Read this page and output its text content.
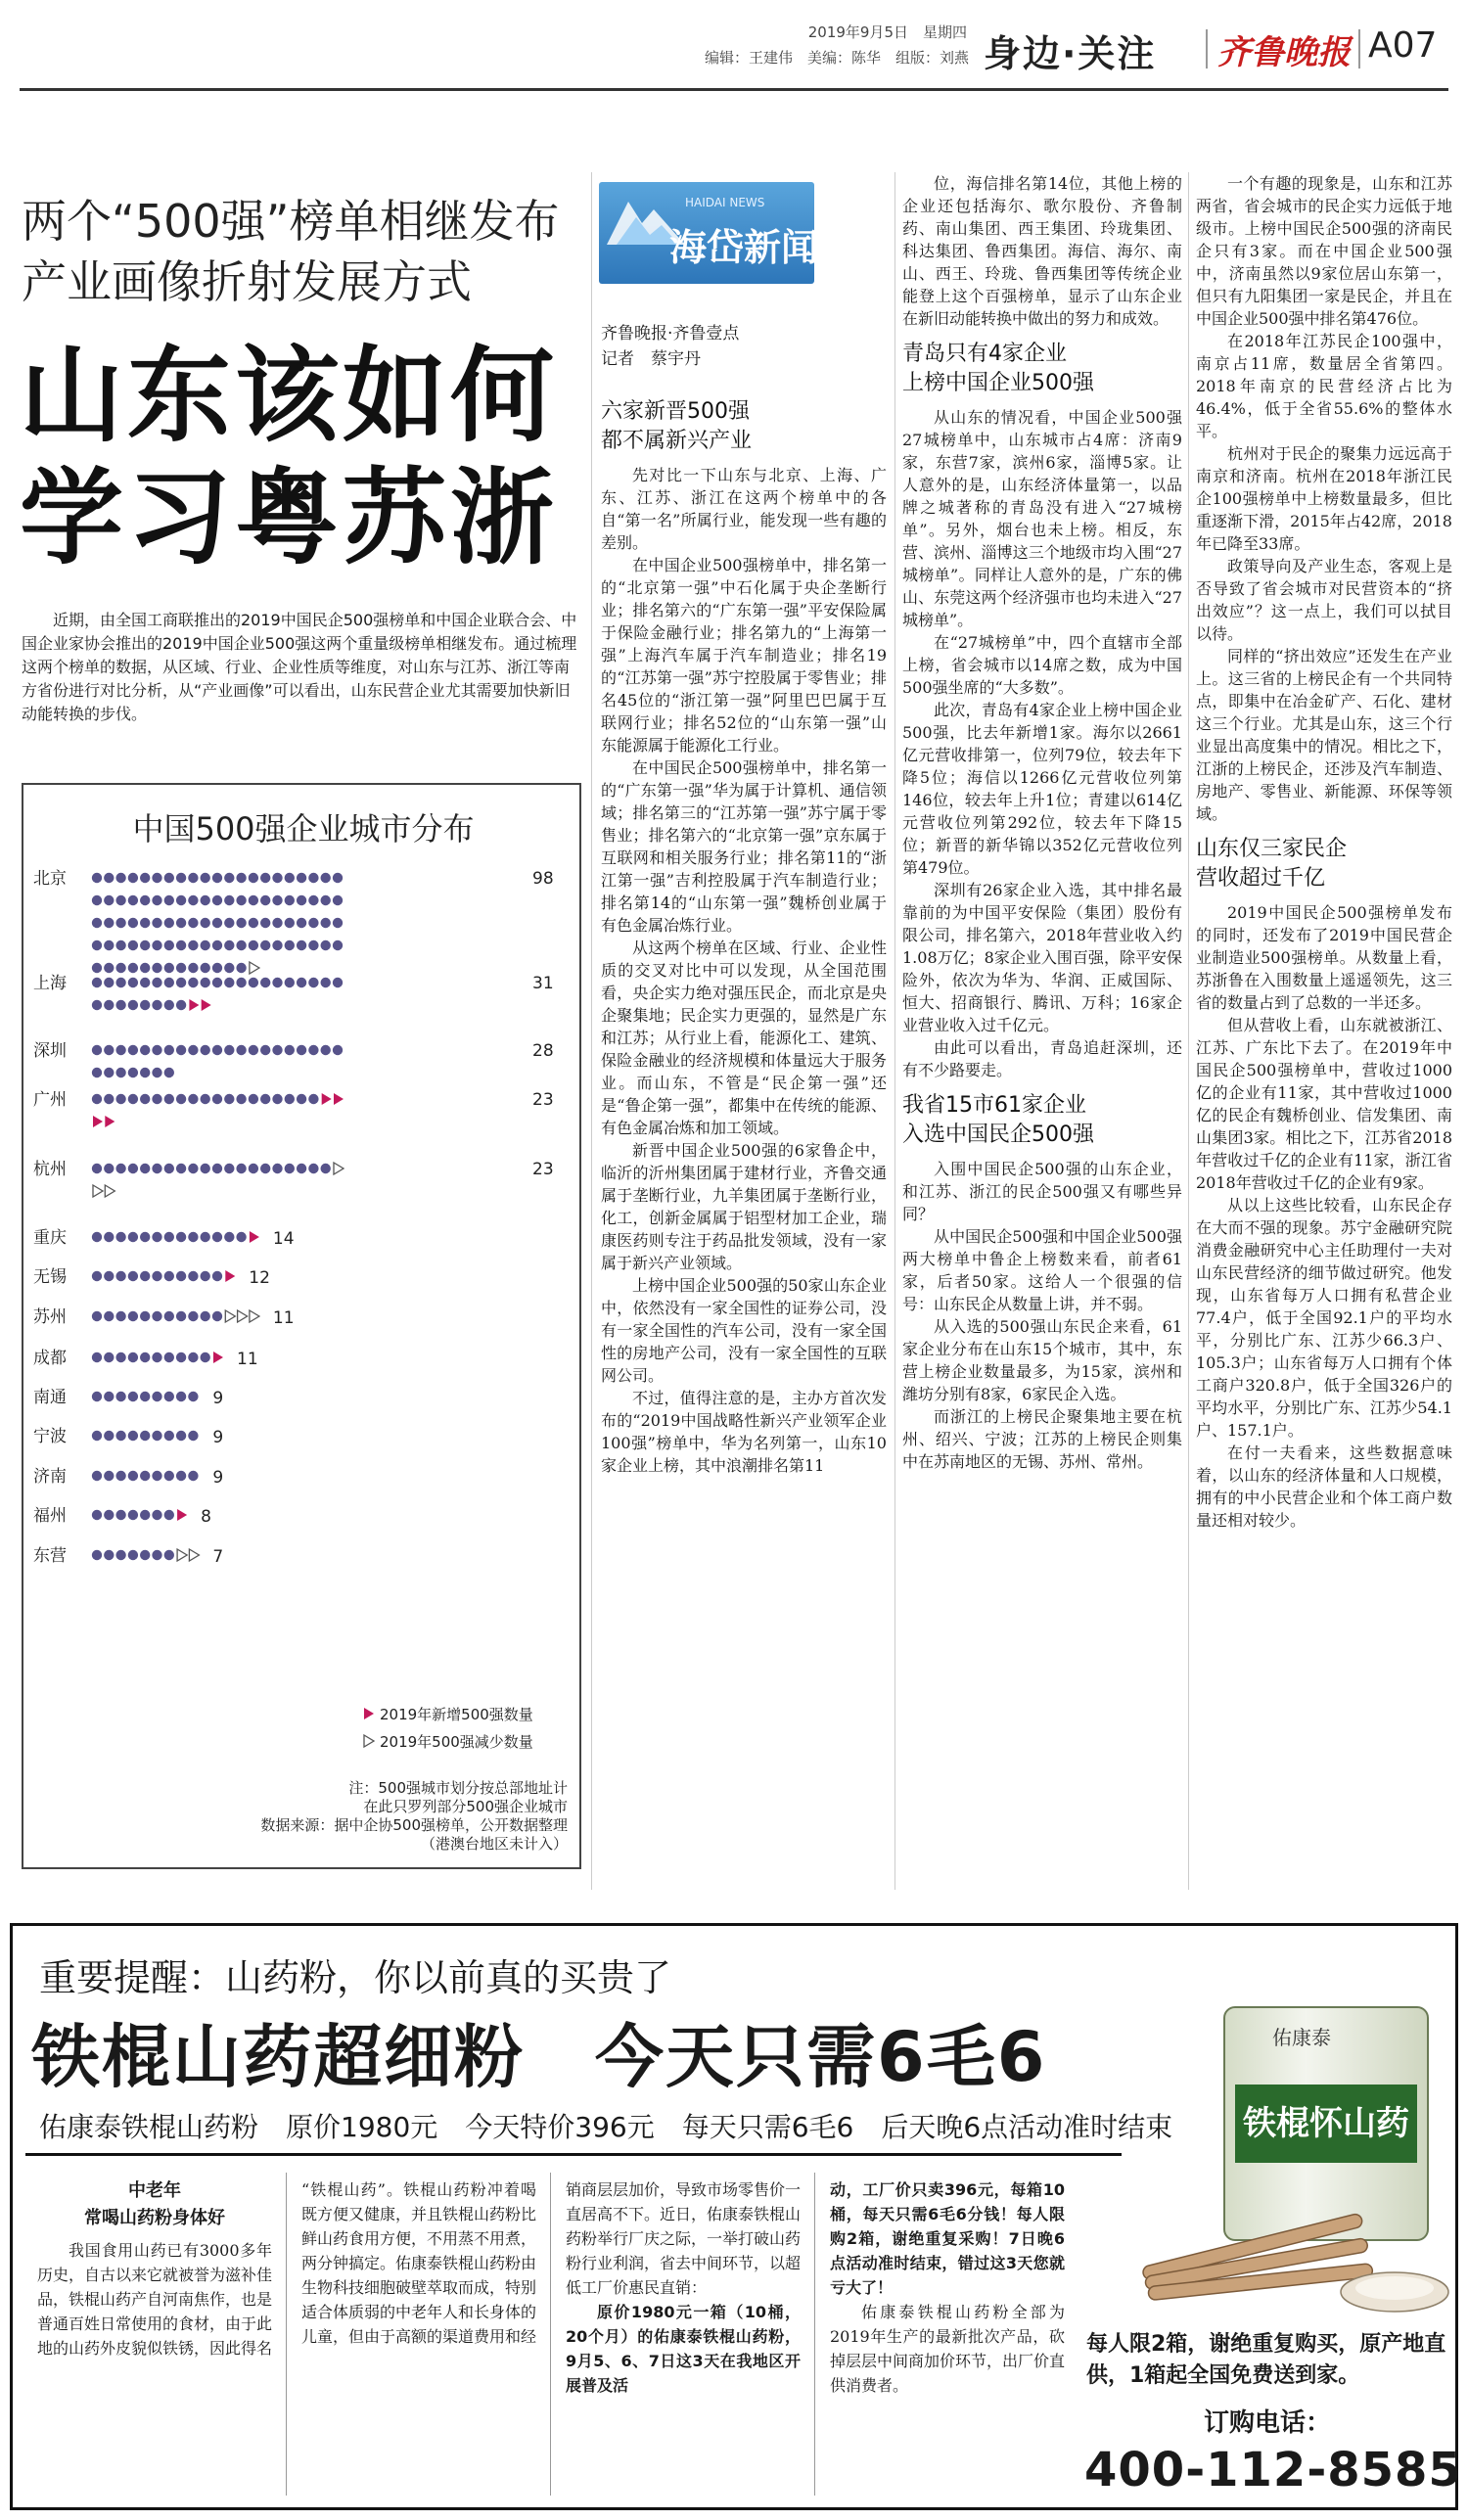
2019年9月5日　星期四
编辑：王建伟　美编：陈华　组版：刘燕 身边·关注 齐鲁晚报 A07
两个“500强”榜单相继发布
产业画像折射发展方式
山东该如何
学习粤苏浙
近期，由全国工商联推出的2019中国民企500强榜单和中国企业联合会、中国企业家协会推出的2019中国企业500强这两个重量级榜单相继发布。通过梳理这两个榜单的数据，从区域、行业、企业性质等维度，对山东与江苏、浙江等南方省份进行对比分析，从“产业画像”可以看出，山东民营企业尤其需要加快新旧动能转换的步伐。
中国500强企业城市分布
北京	98
上海	31
深圳	28
广州	23
杭州	23
重庆	14
无锡	12
苏州	11
成都	11
南通	9
宁波	9
济南	9
福州	8
东营	7
2019年新增500强数量
2019年500强减少数量
注：500强城市划分按总部地址计
在此只罗列部分500强企业城市
数据来源：据中企协500强榜单，公开数据整理
（港澳台地区未计入）
HAIDAI NEWS
海岱新闻
齐鲁晚报·齐鲁壹点
记者　蔡宇丹
六家新晋500强
都不属新兴产业

先对比一下山东与北京、上海、广东、江苏、浙江在这两个榜单中的各自“第一名”所属行业，能发现一些有趣的差别。

在中国企业500强榜单中，排名第一的“北京第一强”中石化属于央企垄断行业；排名第六的“广东第一强”平安保险属于保险金融行业；排名第九的“上海第一强”上海汽车属于汽车制造业；排名19的“江苏第一强”苏宁控股属于零售业；排名45位的“浙江第一强”阿里巴巴属于互联网行业；排名52位的“山东第一强”山东能源属于能源化工行业。

在中国民企500强榜单中，排名第一的“广东第一强”华为属于计算机、通信领域；排名第三的“江苏第一强”苏宁属于零售业；排名第六的“北京第一强”京东属于互联网和相关服务行业；排名第11的“浙江第一强”吉利控股属于汽车制造行业；排名第14的“山东第一强”魏桥创业属于有色金属冶炼行业。

从这两个榜单在区域、行业、企业性质的交叉对比中可以发现，从全国范围看，央企实力绝对强压民企，而北京是央企聚集地；民企实力更强的，显然是广东和江苏；从行业上看，能源化工、建筑、保险金融业的经济规模和体量远大于服务业。而山东，不管是“民企第一强”还是“鲁企第一强”，都集中在传统的能源、有色金属冶炼和加工领域。

新晋中国企业500强的6家鲁企中，临沂的沂州集团属于建材行业，齐鲁交通属于垄断行业，九羊集团属于垄断行业，化工，创新金属属于铝型材加工企业，瑞康医药则专注于药品批发领域，没有一家属于新兴产业领域。

上榜中国企业500强的50家山东企业中，依然没有一家全国性的证券公司，没有一家全国性的汽车公司，没有一家全国性的房地产公司，没有一家全国性的互联网公司。

不过，值得注意的是，主办方首次发布的“2019中国战略性新兴产业领军企业100强”榜单中，华为名列第一，山东10家企业上榜，其中浪潮排名第11

位，海信排名第14位，其他上榜的企业还包括海尔、歌尔股份、齐鲁制药、南山集团、西王集团、玲珑集团、科达集团、鲁西集团。海信、海尔、南山、西王、玲珑、鲁西集团等传统企业能登上这个百强榜单，显示了山东企业在新旧动能转换中做出的努力和成效。

青岛只有4家企业
上榜中国企业500强

从山东的情况看，中国企业500强27城榜单中，山东城市占4席：济南9家，东营7家，滨州6家，淄博5家。让人意外的是，山东经济体量第一，以品牌之城著称的青岛没有进入“27城榜单”。另外，烟台也未上榜。相反，东营、滨州、淄博这三个地级市均入围“27城榜单”。同样让人意外的是，广东的佛山、东莞这两个经济强市也均未进入“27城榜单”。

在“27城榜单”中，四个直辖市全部上榜，省会城市以14席之数，成为中国500强坐席的“大多数”。

此次，青岛有4家企业上榜中国企业500强，比去年新增1家。海尔以2661亿元营收排第一，位列79位，较去年下降5位；海信以1266亿元营收位列第146位，较去年上升1位；青建以614亿元营收位列第292位，较去年下降15位；新晋的新华锦以352亿元营收位列第479位。

深圳有26家企业入选，其中排名最靠前的为中国平安保险（集团）股份有限公司，排名第六，2018年营业收入约1.08万亿；8家企业入围百强，除平安保险外，依次为华为、华润、正威国际、恒大、招商银行、腾讯、万科；16家企业营业收入过千亿元。

由此可以看出，青岛追赶深圳，还有不少路要走。

我省15市61家企业
入选中国民企500强

入围中国民企500强的山东企业，和江苏、浙江的民企500强又有哪些异同？

从中国民企500强和中国企业500强两大榜单中鲁企上榜数来看，前者61家，后者50家。这给人一个很强的信号：山东民企从数量上讲，并不弱。

从入选的500强山东民企来看，61家企业分布在山东15个城市，其中，东营上榜企业数量最多，为15家，滨州和潍坊分别有8家，6家民企入选。

而浙江的上榜民企聚集地主要在杭州、绍兴、宁波；江苏的上榜民企则集中在苏南地区的无锡、苏州、常州。

一个有趣的现象是，山东和江苏两省，省会城市的民企实力远低于地级市。上榜中国民企500强的济南民企只有3家。而在中国企业500强中，济南虽然以9家位居山东第一，但只有九阳集团一家是民企，并且在中国企业500强中排名第476位。

在2018年江苏民企100强中，南京占11席，数量居全省第四。2018年南京的民营经济占比为46.4%，低于全省55.6%的整体水平。

杭州对于民企的聚集力远远高于南京和济南。杭州在2018年浙江民企100强榜单中上榜数量最多，但比重逐渐下滑，2015年占42席，2018年已降至33席。

政策导向及产业生态，客观上是否导致了省会城市对民营资本的“挤出效应”？这一点上，我们可以拭目以待。

同样的“挤出效应”还发生在产业上。这三省的上榜民企有一个共同特点，即集中在冶金矿产、石化、建材这三个行业。尤其是山东，这三个行业显出高度集中的情况。相比之下，江浙的上榜民企，还涉及汽车制造、房地产、零售业、新能源、环保等领域。

山东仅三家民企
营收超过千亿

2019中国民企500强榜单发布的同时，还发布了2019中国民营企业制造业500强榜单。从数量上看，苏浙鲁在入围数量上遥遥领先，这三省的数量占到了总数的一半还多。

但从营收上看，山东就被浙江、江苏、广东比下去了。在2019年中国民企500强榜单中，营收过1000亿的企业有11家，其中营收过1000亿的民企有魏桥创业、信发集团、南山集团3家。相比之下，江苏省2018年营收过千亿的企业有11家，浙江省2018年营收过千亿的企业有9家。

从以上这些比较看，山东民企存在大而不强的现象。苏宁金融研究院消费金融研究中心主任助理付一夫对山东民营经济的细节做过研究。他发现，山东省每万人口拥有私营企业77.4户，低于全国92.1户的平均水平，分别比广东、江苏少66.3户、105.3户；山东省每万人口拥有个体工商户320.8户，低于全国326户的平均水平，分别比广东、江苏少54.1户、157.1户。

在付一夫看来，这些数据意味着，以山东的经济体量和人口规模，拥有的中小民营企业和个体工商户数量还相对较少。

重要提醒：山药粉，你以前真的买贵了
铁棍山药超细粉　今天只需6毛6
佑康泰铁棍山药粉　原价1980元　今天特价396元　每天只需6毛6　后天晚6点活动准时结束
佑康泰
铁棍怀山药

中老年
常喝山药粉身体好

我国食用山药已有3000多年历史，自古以来它就被誉为滋补佳品，铁棍山药产自河南焦作，也是普通百姓日常使用的食材，由于此地的山药外皮貌似铁锈，因此得名

“铁棍山药”。铁棍山药粉冲着喝既方便又健康，并且铁棍山药粉比鲜山药食用方便，不用蒸不用煮，两分钟搞定。佑康泰铁棍山药粉由生物科技细胞破壁萃取而成，特别适合体质弱的中老年人和长身体的儿童，但由于高额的渠道费用和经

销商层层加价，导致市场零售价一直居高不下。近日，佑康泰铁棍山药粉举行厂庆之际，一举打破山药粉行业利润，省去中间环节，以超低工厂价惠民直销：

原价1980元一箱（10桶，20个月）的佑康泰铁棍山药粉，9月5、6、7日这3天在我地区开展普及活

动，工厂价只卖396元，每箱10桶，每天只需6毛6分钱！每人限购2箱，谢绝重复采购！7日晚6点活动准时结束，错过这3天您就亏大了！

佑康泰铁棍山药粉全部为2019年生产的最新批次产品，砍掉层层中间商加价环节，出厂价直供消费者。

每人限2箱，谢绝重复购买，原产地直供，1箱起全国免费送到家。
订购电话：
400-112-8585
